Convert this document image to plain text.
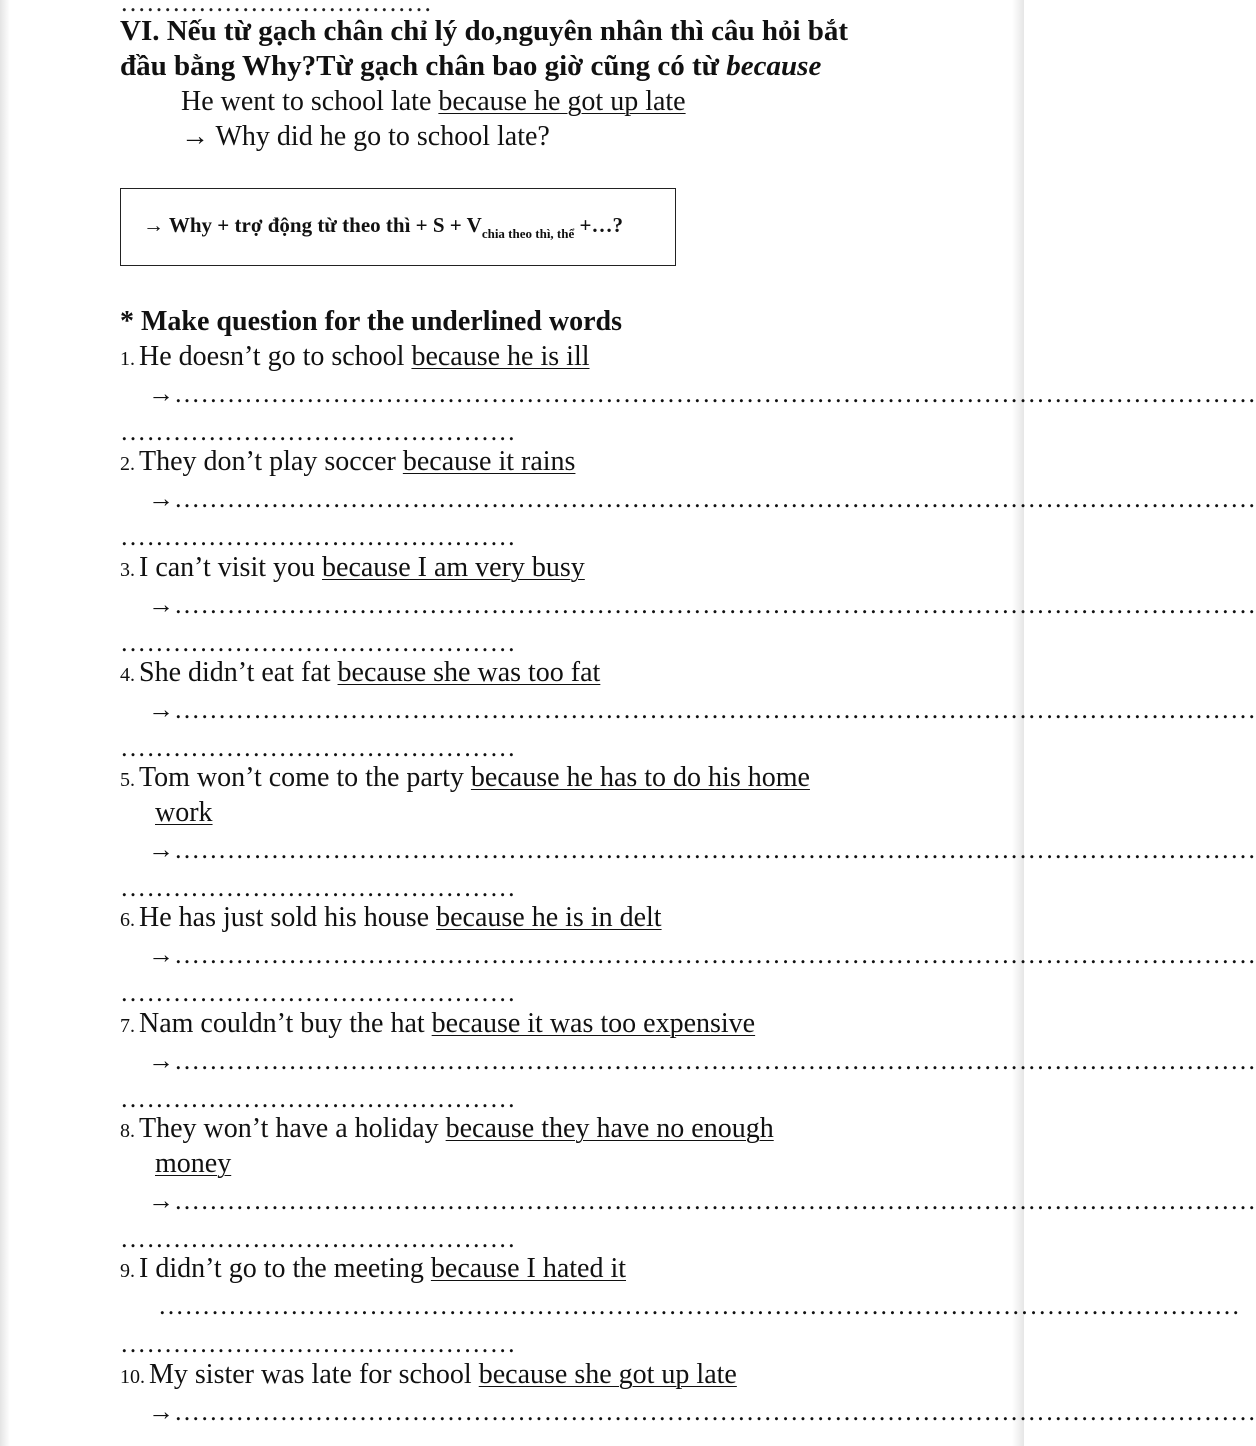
………………………………
VI. Nếu từ gạch chân chỉ lý do,nguyên nhân thì câu hỏi bắt
đầu bằng Why?Từ gạch chân bao giờ cũng có từ because
He went to school late because he got up late
→ Why did he go to school late?
→ Why + trợ động từ theo thì + $S + V_{chia theo thì, thể}$ +…?
* Make question for the underlined words
1. He doesn’t go to school because he is ill
→……………………………………………………………………………………………………………
………………………………………
2. They don’t play soccer because it rains
→……………………………………………………………………………………………………………
………………………………………
3. I can’t visit you because I am very busy
→……………………………………………………………………………………………………………
………………………………………
4. She didn’t eat fat because she was too fat
→……………………………………………………………………………………………………………
………………………………………
5. Tom won’t come to the party because he has to do his home
work
→……………………………………………………………………………………………………………
………………………………………
6. He has just sold his house because he is in delt
→……………………………………………………………………………………………………………
………………………………………
7. Nam couldn’t buy the hat because it was too expensive
→……………………………………………………………………………………………………………
………………………………………
8. They won’t have a holiday because they have no enough
money
→……………………………………………………………………………………………………………
………………………………………
9. I didn’t go to the meeting because I hated it
……………………………………………………………………………………………………………
………………………………………
10. My sister was late for school because she got up late
→……………………………………………………………………………………………………………
